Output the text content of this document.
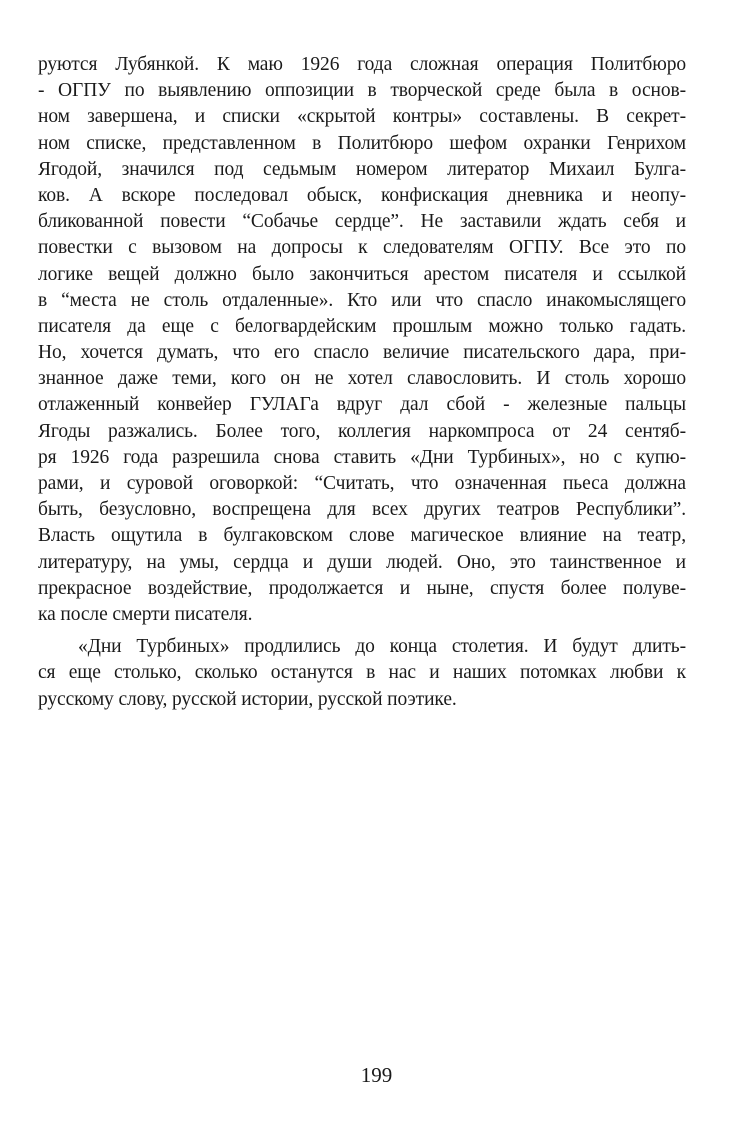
руются Лубянкой. К маю 1926 года сложная операция Политбюро
- ОГПУ по выявлению оппозиции в творческой среде была в основ-
ном завершена, и списки «скрытой контры» составлены. В секрет-
ном списке, представленном в Политбюро шефом охранки Генрихом
Ягодой, значился под седьмым номером литератор Михаил Булга-
ков. А вскоре последовал обыск, конфискация дневника и неопу-
бликованной повести “Собачье сердце”. Не заставили ждать себя и
повестки с вызовом на допросы к следователям ОГПУ. Все это по
логике вещей должно было закончиться арестом писателя и ссылкой
в “места не столь отдаленные». Кто или что спасло инакомыслящего
писателя да еще с белогвардейским прошлым можно только гадать.
Но, хочется думать, что его спасло величие писательского дара, при-
знанное даже теми, кого он не хотел славословить. И столь хорошо
отлаженный конвейер ГУЛАГа вдруг дал сбой - железные пальцы
Ягоды разжались. Более того, коллегия наркомпроса от 24 сентяб-
ря 1926 года разрешила снова ставить «Дни Турбиных», но с купю-
рами, и суровой оговоркой: “Считать, что означенная пьеса должна
быть, безусловно, воспрещена для всех других театров Республики”.
Власть ощутила в булгаковском слове магическое влияние на театр,
литературу, на умы, сердца и души людей. Оно, это таинственное и
прекрасное воздействие, продолжается и ныне, спустя более полуве-
ка после смерти писателя.
«Дни Турбиных» продлились до конца столетия. И будут длить-
ся еще столько, сколько останутся в нас и наших потомках любви к
русскому слову, русской истории, русской поэтике.
199
